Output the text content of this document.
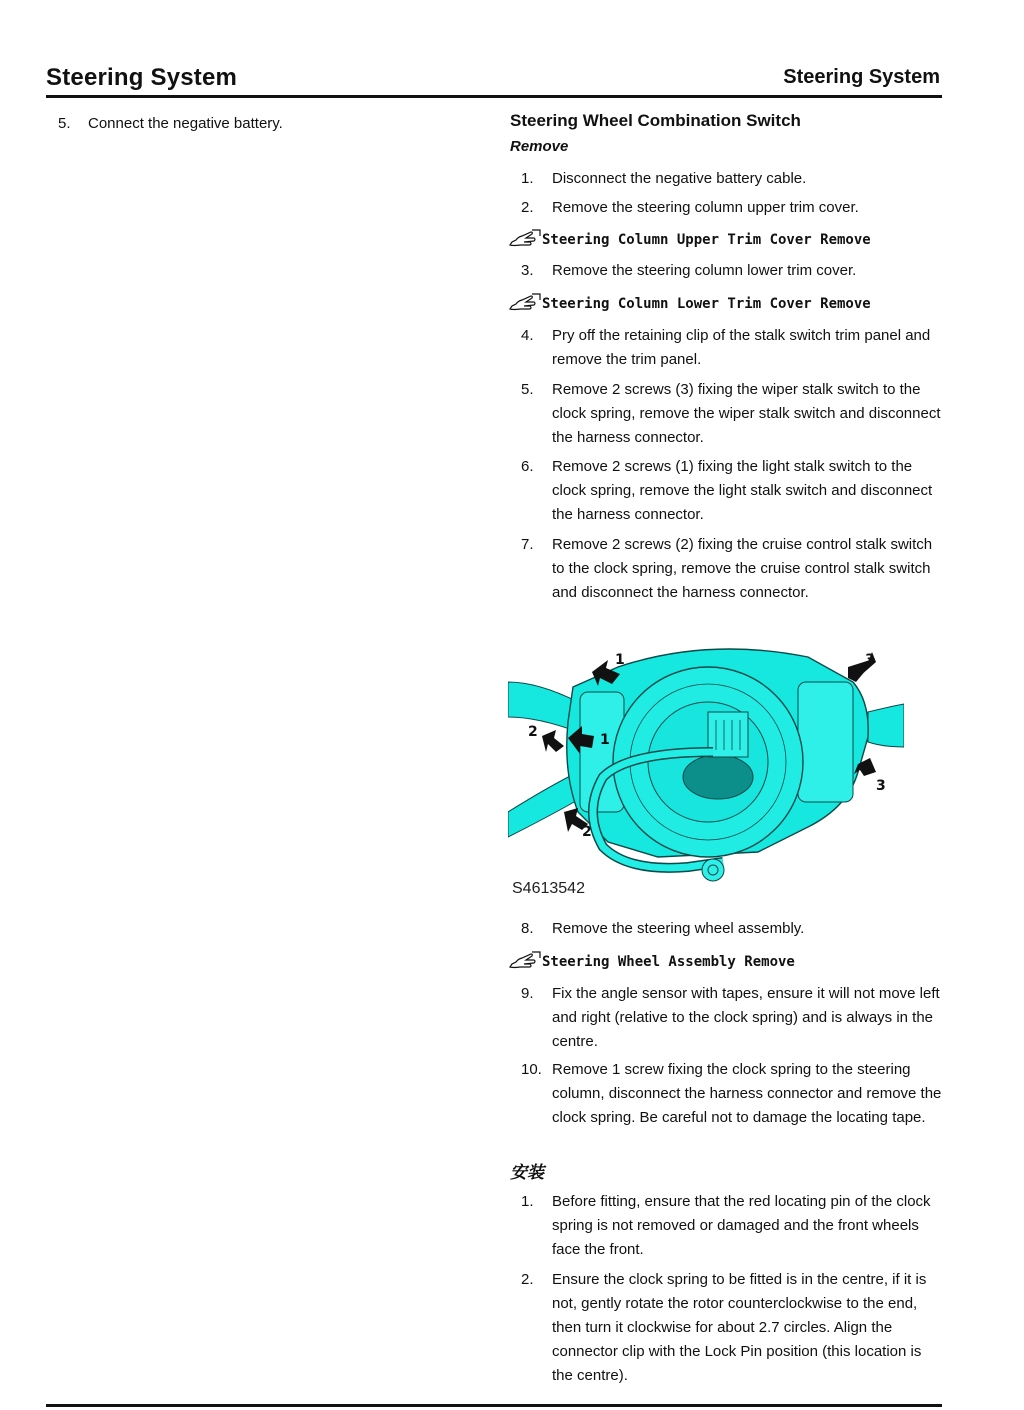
Steering System	Steering System
5.	Connect the negative battery.	Steering Wheel Combination Switch
Remove
1.	Disconnect the negative battery cable.
2.	Remove the steering column upper trim cover.
Steering Column Upper Trim Cover Remove
3.	Remove the steering column lower trim cover.
Steering Column Lower Trim Cover Remove
4.	Pry off the retaining clip of the stalk switch trim panel and remove the trim panel.
5.	Remove 2 screws (3) fixing the wiper stalk switch to the clock spring, remove the wiper stalk switch and disconnect the harness connector.
6.	Remove 2 screws (1) fixing the light stalk switch to the clock spring, remove the light stalk switch and disconnect the harness connector.
7.	Remove 2 screws (2) fixing the cruise control stalk switch to the clock spring, remove the cruise control stalk switch and disconnect the harness connector.
1	3
2	1
3
2
S4613542
8.	Remove the steering wheel assembly.
Steering Wheel Assembly Remove
9.	Fix the angle sensor with tapes, ensure it will not move left and right (relative to the clock spring) and is always in the centre.
10. Remove 1 screw fixing the clock spring to the steering column, disconnect the harness connector and remove the clock spring. Be careful not to damage the locating tape.
安装
1.	Before fitting, ensure that the red locating pin of the clock spring is not removed or damaged and the front wheels face the front.
2.	Ensure the clock spring to be fitted is in the centre, if it is not, gently rotate the rotor counterclockwise to the end, then turn it clockwise for about 2.7 circles. Align the connector clip with the Lock Pin position (this location is the centre).
